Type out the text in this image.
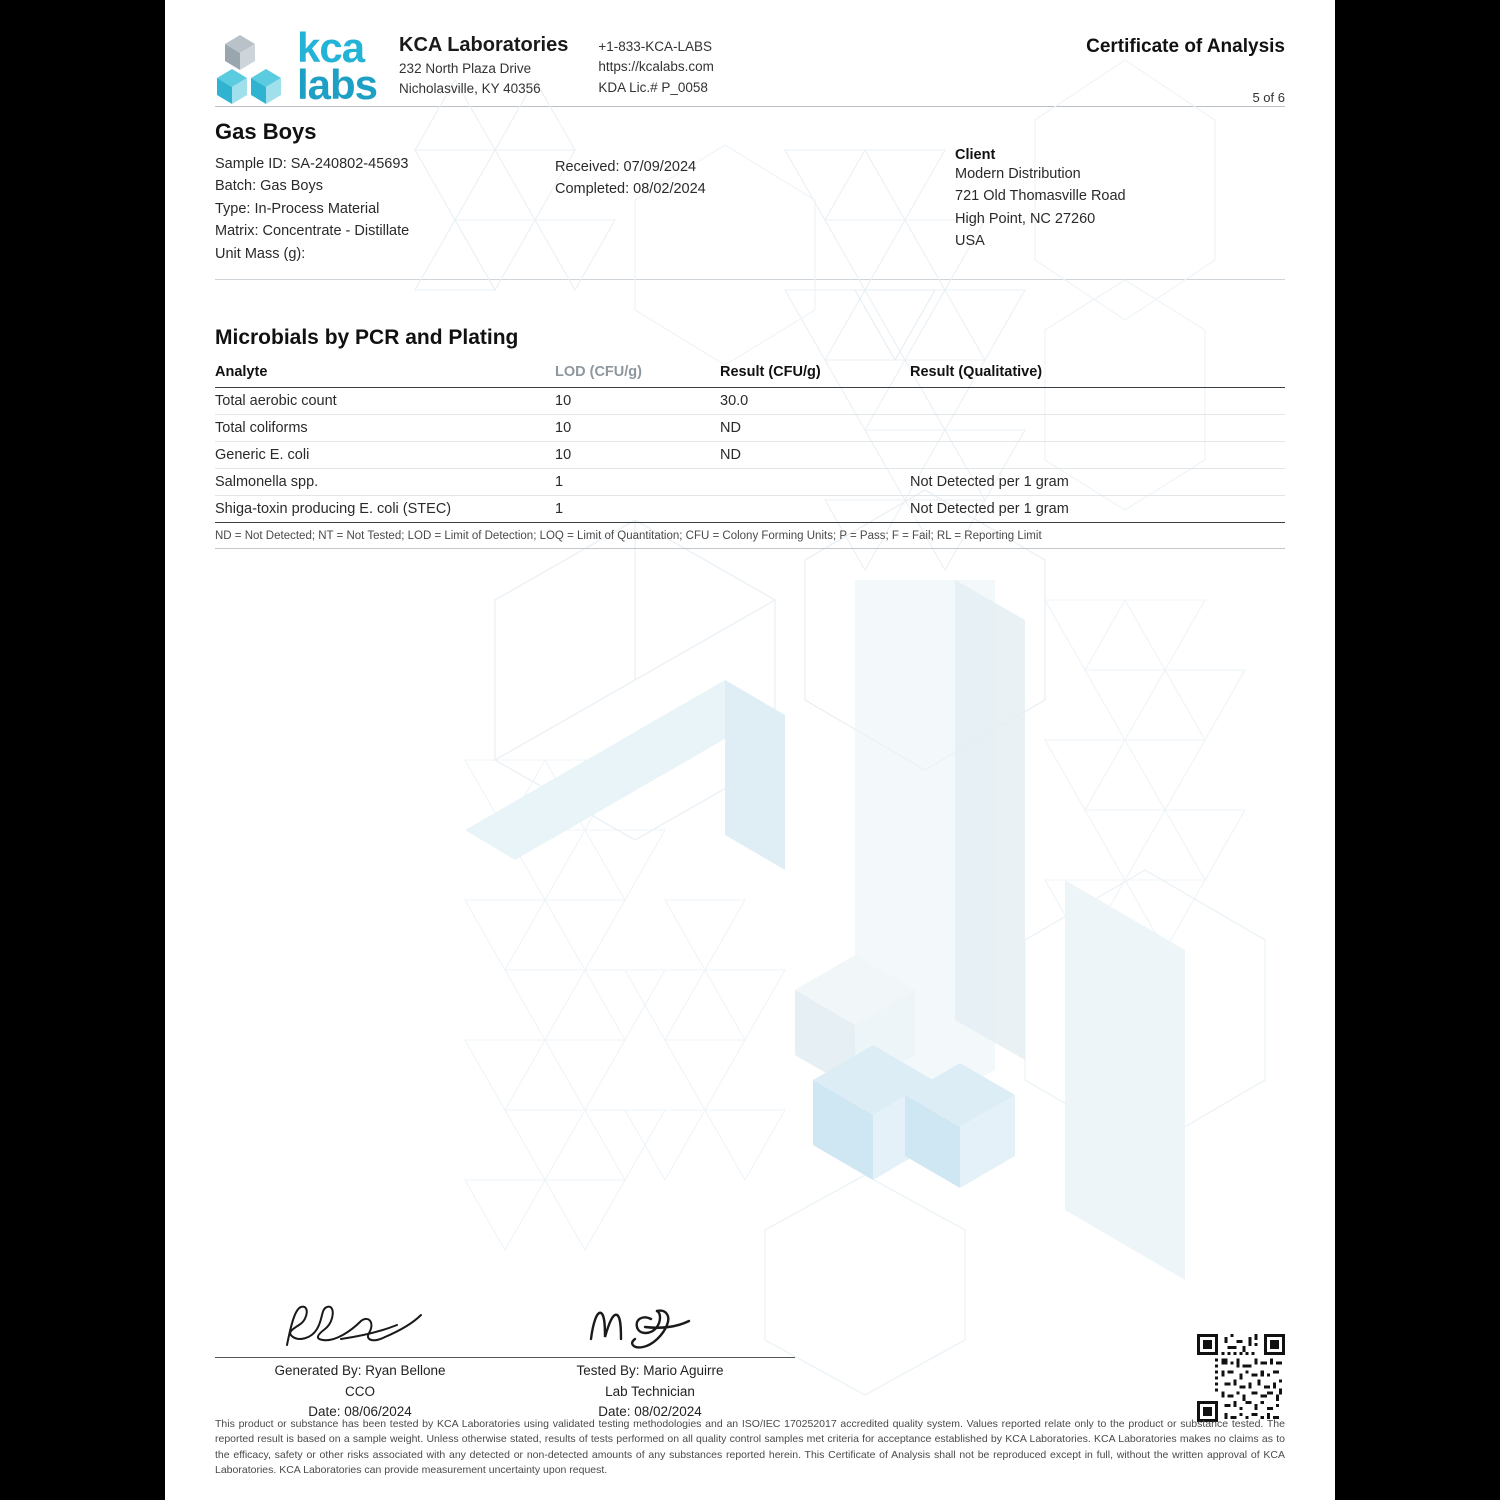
kca
labs
KCA Laboratories
232 North Plaza Drive
Nicholasville, KY 40356
+1-833-KCA-LABS
https://kcalabs.com
KDA Lic.# P_0058
Certificate of Analysis
5 of 6
Gas Boys
Sample ID: SA-240802-45693
Batch: Gas Boys
Type: In-Process Material
Matrix: Concentrate - Distillate
Unit Mass (g):
Received: 07/09/2024
Completed: 08/02/2024
Client
Modern Distribution
721 Old Thomasville Road
High Point, NC 27260
USA
Microbials by PCR and Plating
Analyte	LOD (CFU/g)	Result (CFU/g)	Result (Qualitative)
Total aerobic count	10	30.0	
Total coliforms	10	ND	
Generic E. coli	10	ND	
Salmonella spp.	1		Not Detected per 1 gram
Shiga-toxin producing E. coli (STEC)	1		Not Detected per 1 gram
ND = Not Detected; NT = Not Tested; LOD = Limit of Detection; LOQ = Limit of Quantitation; CFU = Colony Forming Units; P = Pass; F = Fail; RL = Reporting Limit
Generated By: Ryan Bellone
CCO
Date: 08/06/2024
Tested By: Mario Aguirre
Lab Technician
Date: 08/02/2024
This product or substance has been tested by KCA Laboratories using validated testing methodologies and an ISO/IEC 170252017 accredited quality system. Values reported relate only to the product or substance tested. The reported result is based on a sample weight. Unless otherwise stated, results of tests performed on all quality control samples met criteria for acceptance established by KCA Laboratories. KCA Laboratories makes no claims as to the efficacy, safety or other risks associated with any detected or non-detected amounts of any substances reported herein. This Certificate of Analysis shall not be reproduced except in full, without the written approval of KCA Laboratories. KCA Laboratories can provide measurement uncertainty upon request.
